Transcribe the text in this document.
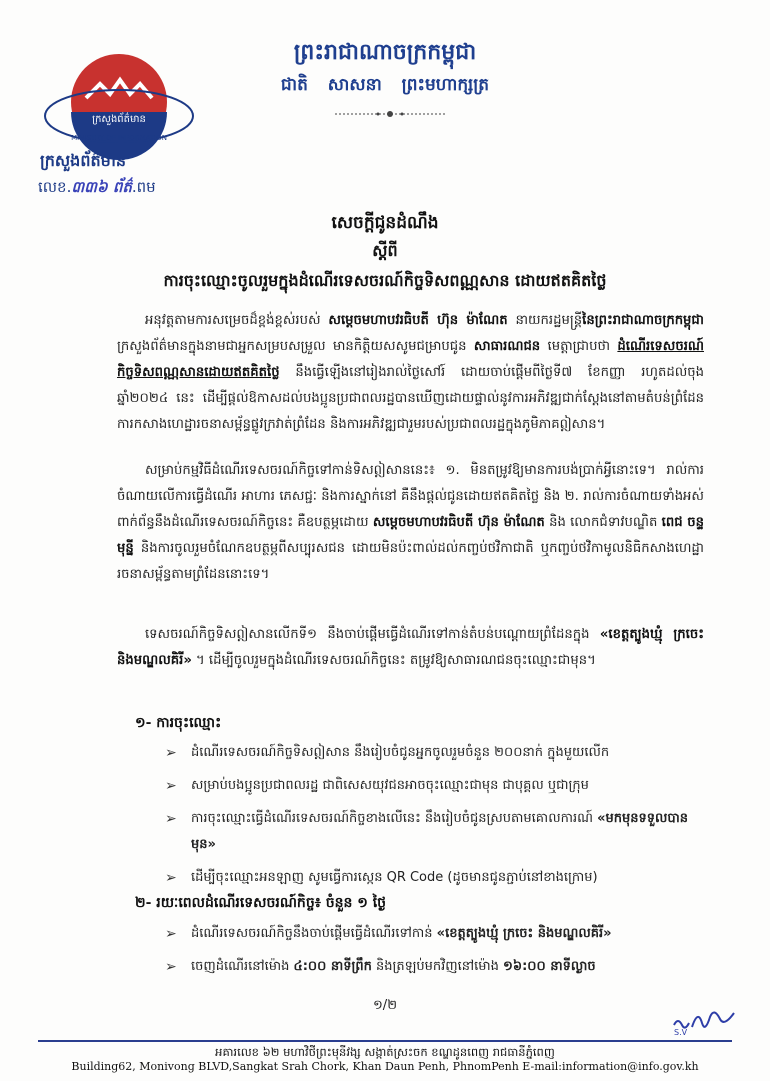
ព្រះរាជាណាចក្រកម្ពុជា
ជាតិ សាសនា ព្រះមហាក្សត្រ
ក្រសួងព័ត៌មាន
MINISTRY OF INFORMATION
ក្រសួងព័ត៌មាន
លេខ.៣៣៦ ព័ត៌.ពម
សេចក្ដីជូនដំណឹង
ស្ដីពី
ការចុះឈ្មោះចូលរួមក្នុងដំណើរទេសចរណ៍កិច្ចទិសពណ្ណសាន ដោយឥតគិតថ្លៃ
អនុវត្តតាមការសម្រេចដ៏ខ្ពង់ខ្ពស់របស់ សម្ដេចមហាបវរធិបតី ហ៊ុន ម៉ាណែត នាយករដ្ឋមន្ត្រីនៃព្រះរាជាណាចក្រកម្ពុជា ក្រសួងព័ត៌មានក្នុងនាមជាអ្នកសម្របសម្រួល មានកិត្តិយសសូមជម្រាបជូន សាធារណជន មេត្តាជ្រាបថា ដំណើរទេសចរណ៍កិច្ចទិសពណ្ណសានដោយឥតគិតថ្លៃ នឹងធ្វើឡើងនៅរៀងរាល់ថ្ងៃសៅរ៍ ដោយចាប់ផ្ដើមពីថ្ងៃទី៧ ខែកញ្ញា រហូតដល់ចុងឆ្នាំ២០២៤ នេះ ដើម្បីផ្ដល់ឱកាសដល់បងប្អូនប្រជាពលរដ្ឋបានឃើញដោយផ្ទាល់នូវការអភិវឌ្ឍជាក់ស្ដែងនៅតាមតំបន់ព្រំដែន ការកសាងហេដ្ឋារចនាសម្ព័ន្ធផ្លូវក្រវាត់ព្រំដែន និងការអភិវឌ្ឍជារួមរបស់ប្រជាពលរដ្ឋក្នុងភូមិភាគឦសាន។
សម្រាប់កម្មវិធីដំណើរទេសចរណ៍កិច្ចទៅកាន់ទិសឦសាននេះ៖ ១. មិនតម្រូវឱ្យមានការបង់ប្រាក់អ្វីនោះទេ។ រាល់ការចំណាយលើការធ្វើដំណើរ អាហារ ភេសជ្ជៈ និងការស្នាក់នៅ គឺនឹងផ្ដល់ជូនដោយឥតគិតថ្លៃ និង ២. រាល់ការចំណាយទាំងអស់ ពាក់ព័ន្ធនឹងដំណើរទេសចរណ៍កិច្ចនេះ គឺឧបត្ថម្ភដោយ សម្ដេចមហាបវរធិបតី ហ៊ុន ម៉ាណែត និង លោកជំទាវបណ្ឌិត ពេជ ចន្ទមុន្នី និងការចូលរួមចំណែកឧបត្ថម្ភពីសប្បុរសជន ដោយមិនប៉ះពាល់ដល់កញ្ចប់ថវិកាជាតិ ឬកញ្ចប់ថវិកាមូលនិធិកសាងហេដ្ឋារចនាសម្ព័ន្ធតាមព្រំដែននោះទេ។
ទេសចរណ៍កិច្ចទិសឦសានលើកទី១ នឹងចាប់ផ្ដើមធ្វើដំណើរទៅកាន់តំបន់បណ្ដោយព្រំដែនក្នុង «ខេត្តត្បូងឃ្មុំ ក្រចេះ និងមណ្ឌលគិរី» ។ ដើម្បីចូលរួមក្នុងដំណើរទេសចរណ៍កិច្ចនេះ តម្រូវឱ្យសាធារណជនចុះឈ្មោះជាមុន។
១- ការចុះឈ្មោះ
➢ ដំណើរទេសចរណ៍កិច្ចទិសឦសាន នឹងរៀបចំជូនអ្នកចូលរួមចំនួន ២០០នាក់ ក្នុងមួយលើក
➢ សម្រាប់បងប្អូនប្រជាពលរដ្ឋ ជាពិសេសយុវជនអាចចុះឈ្មោះជាមុន ជាបុគ្គល ឬជាក្រុម
➢ ការចុះឈ្មោះធ្វើដំណើរទេសចរណ៍កិច្ចខាងលើនេះ នឹងរៀបចំជូនស្របតាមគោលការណ៍ «មកមុនទទួលបានមុន»
➢ ដើម្បីចុះឈ្មោះអនឡាញ សូមធ្វើការស្កេន QR Code (ដូចមានជូនភ្ជាប់នៅខាងក្រោម)
២- រយៈពេលដំណើរទេសចរណ៍កិច្ច៖ ចំនួន ១ ថ្ងៃ
➢ ដំណើរទេសចរណ៍កិច្ចនឹងចាប់ផ្ដើមធ្វើដំណើរទៅកាន់ «ខេត្តត្បូងឃ្មុំ ក្រចេះ និងមណ្ឌលគិរី»
➢ ចេញដំណើរនៅម៉ោង ៤:០០ នាទីព្រឹក និងត្រឡប់មកវិញនៅម៉ោង ១៦:០០ នាទីល្ងាច
១/២
S.V
អគារលេខ ៦២ មហាវិថីព្រះមុនីវង្ស សង្កាត់ស្រះចក ខណ្ឌដូនពេញ រាជធានីភ្នំពេញ
Building62, Monivong BLVD,Sangkat Srah Chork, Khan Daun Penh, PhnomPenh E-mail:information@info.gov.kh
